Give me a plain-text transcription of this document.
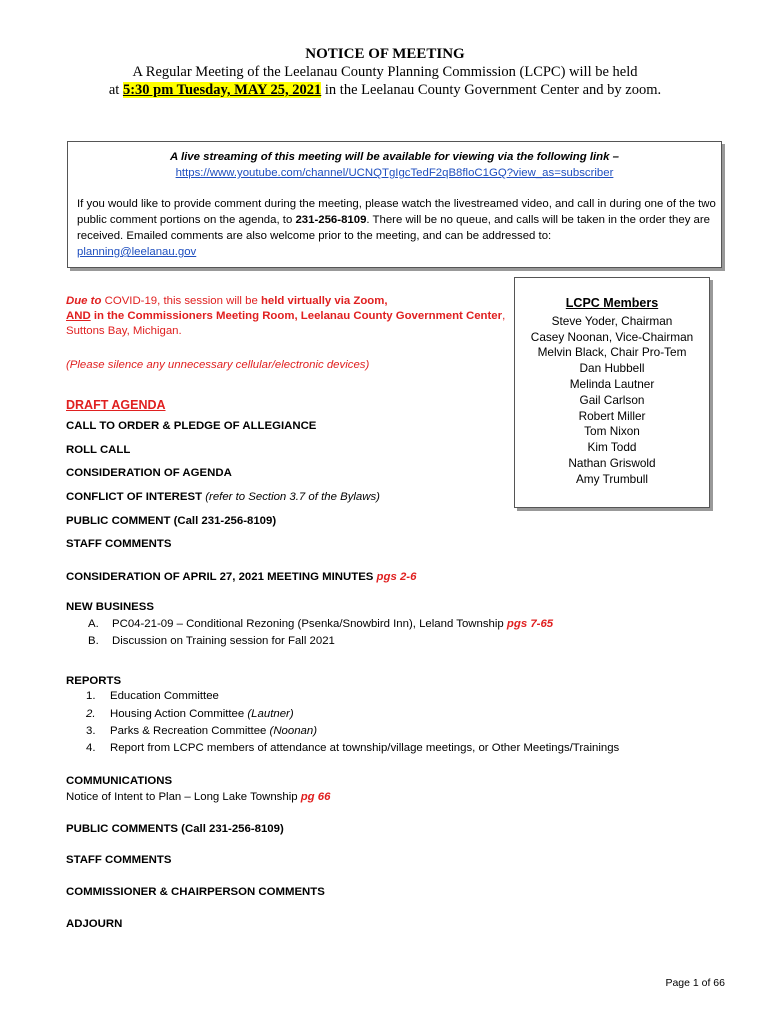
NOTICE OF MEETING
A Regular Meeting of the Leelanau County Planning Commission (LCPC) will be held
at 5:30 pm Tuesday, MAY 25, 2021 in the Leelanau County Government Center and by zoom.
A live streaming of this meeting will be available for viewing via the following link –
https://www.youtube.com/channel/UCNQTgIgcTedF2qB8floC1GQ?view_as=subscriber
If you would like to provide comment during the meeting, please watch the livestreamed video, and call in during one of the two public comment portions on the agenda, to 231-256-8109. There will be no queue, and calls will be taken in the order they are received. Emailed comments are also welcome prior to the meeting, and can be addressed to:
planning@leelanau.gov
Due to COVID-19, this session will be held virtually via Zoom,
AND in the Commissioners Meeting Room, Leelanau County Government Center,
Suttons Bay, Michigan.
(Please silence any unnecessary cellular/electronic devices)
LCPC Members
Steve Yoder, Chairman
Casey Noonan, Vice-Chairman
Melvin Black, Chair Pro-Tem
Dan Hubbell
Melinda Lautner
Gail Carlson
Robert Miller
Tom Nixon
Kim Todd
Nathan Griswold
Amy Trumbull
DRAFT AGENDA
CALL TO ORDER & PLEDGE OF ALLEGIANCE
ROLL CALL
CONSIDERATION OF AGENDA
CONFLICT OF INTEREST (refer to Section 3.7 of the Bylaws)
PUBLIC COMMENT (Call 231-256-8109)
STAFF COMMENTS
CONSIDERATION OF APRIL 27, 2021 MEETING MINUTES pgs 2-6
NEW BUSINESS
A. PC04-21-09 – Conditional Rezoning (Psenka/Snowbird Inn), Leland Township pgs 7-65
B. Discussion on Training session for Fall 2021
REPORTS
1. Education Committee
2. Housing Action Committee (Lautner)
3. Parks & Recreation Committee (Noonan)
4. Report from LCPC members of attendance at township/village meetings, or Other Meetings/Trainings
COMMUNICATIONS
Notice of Intent to Plan – Long Lake Township pg 66
PUBLIC COMMENTS (Call 231-256-8109)
STAFF COMMENTS
COMMISSIONER & CHAIRPERSON COMMENTS
ADJOURN
Page 1 of 66
